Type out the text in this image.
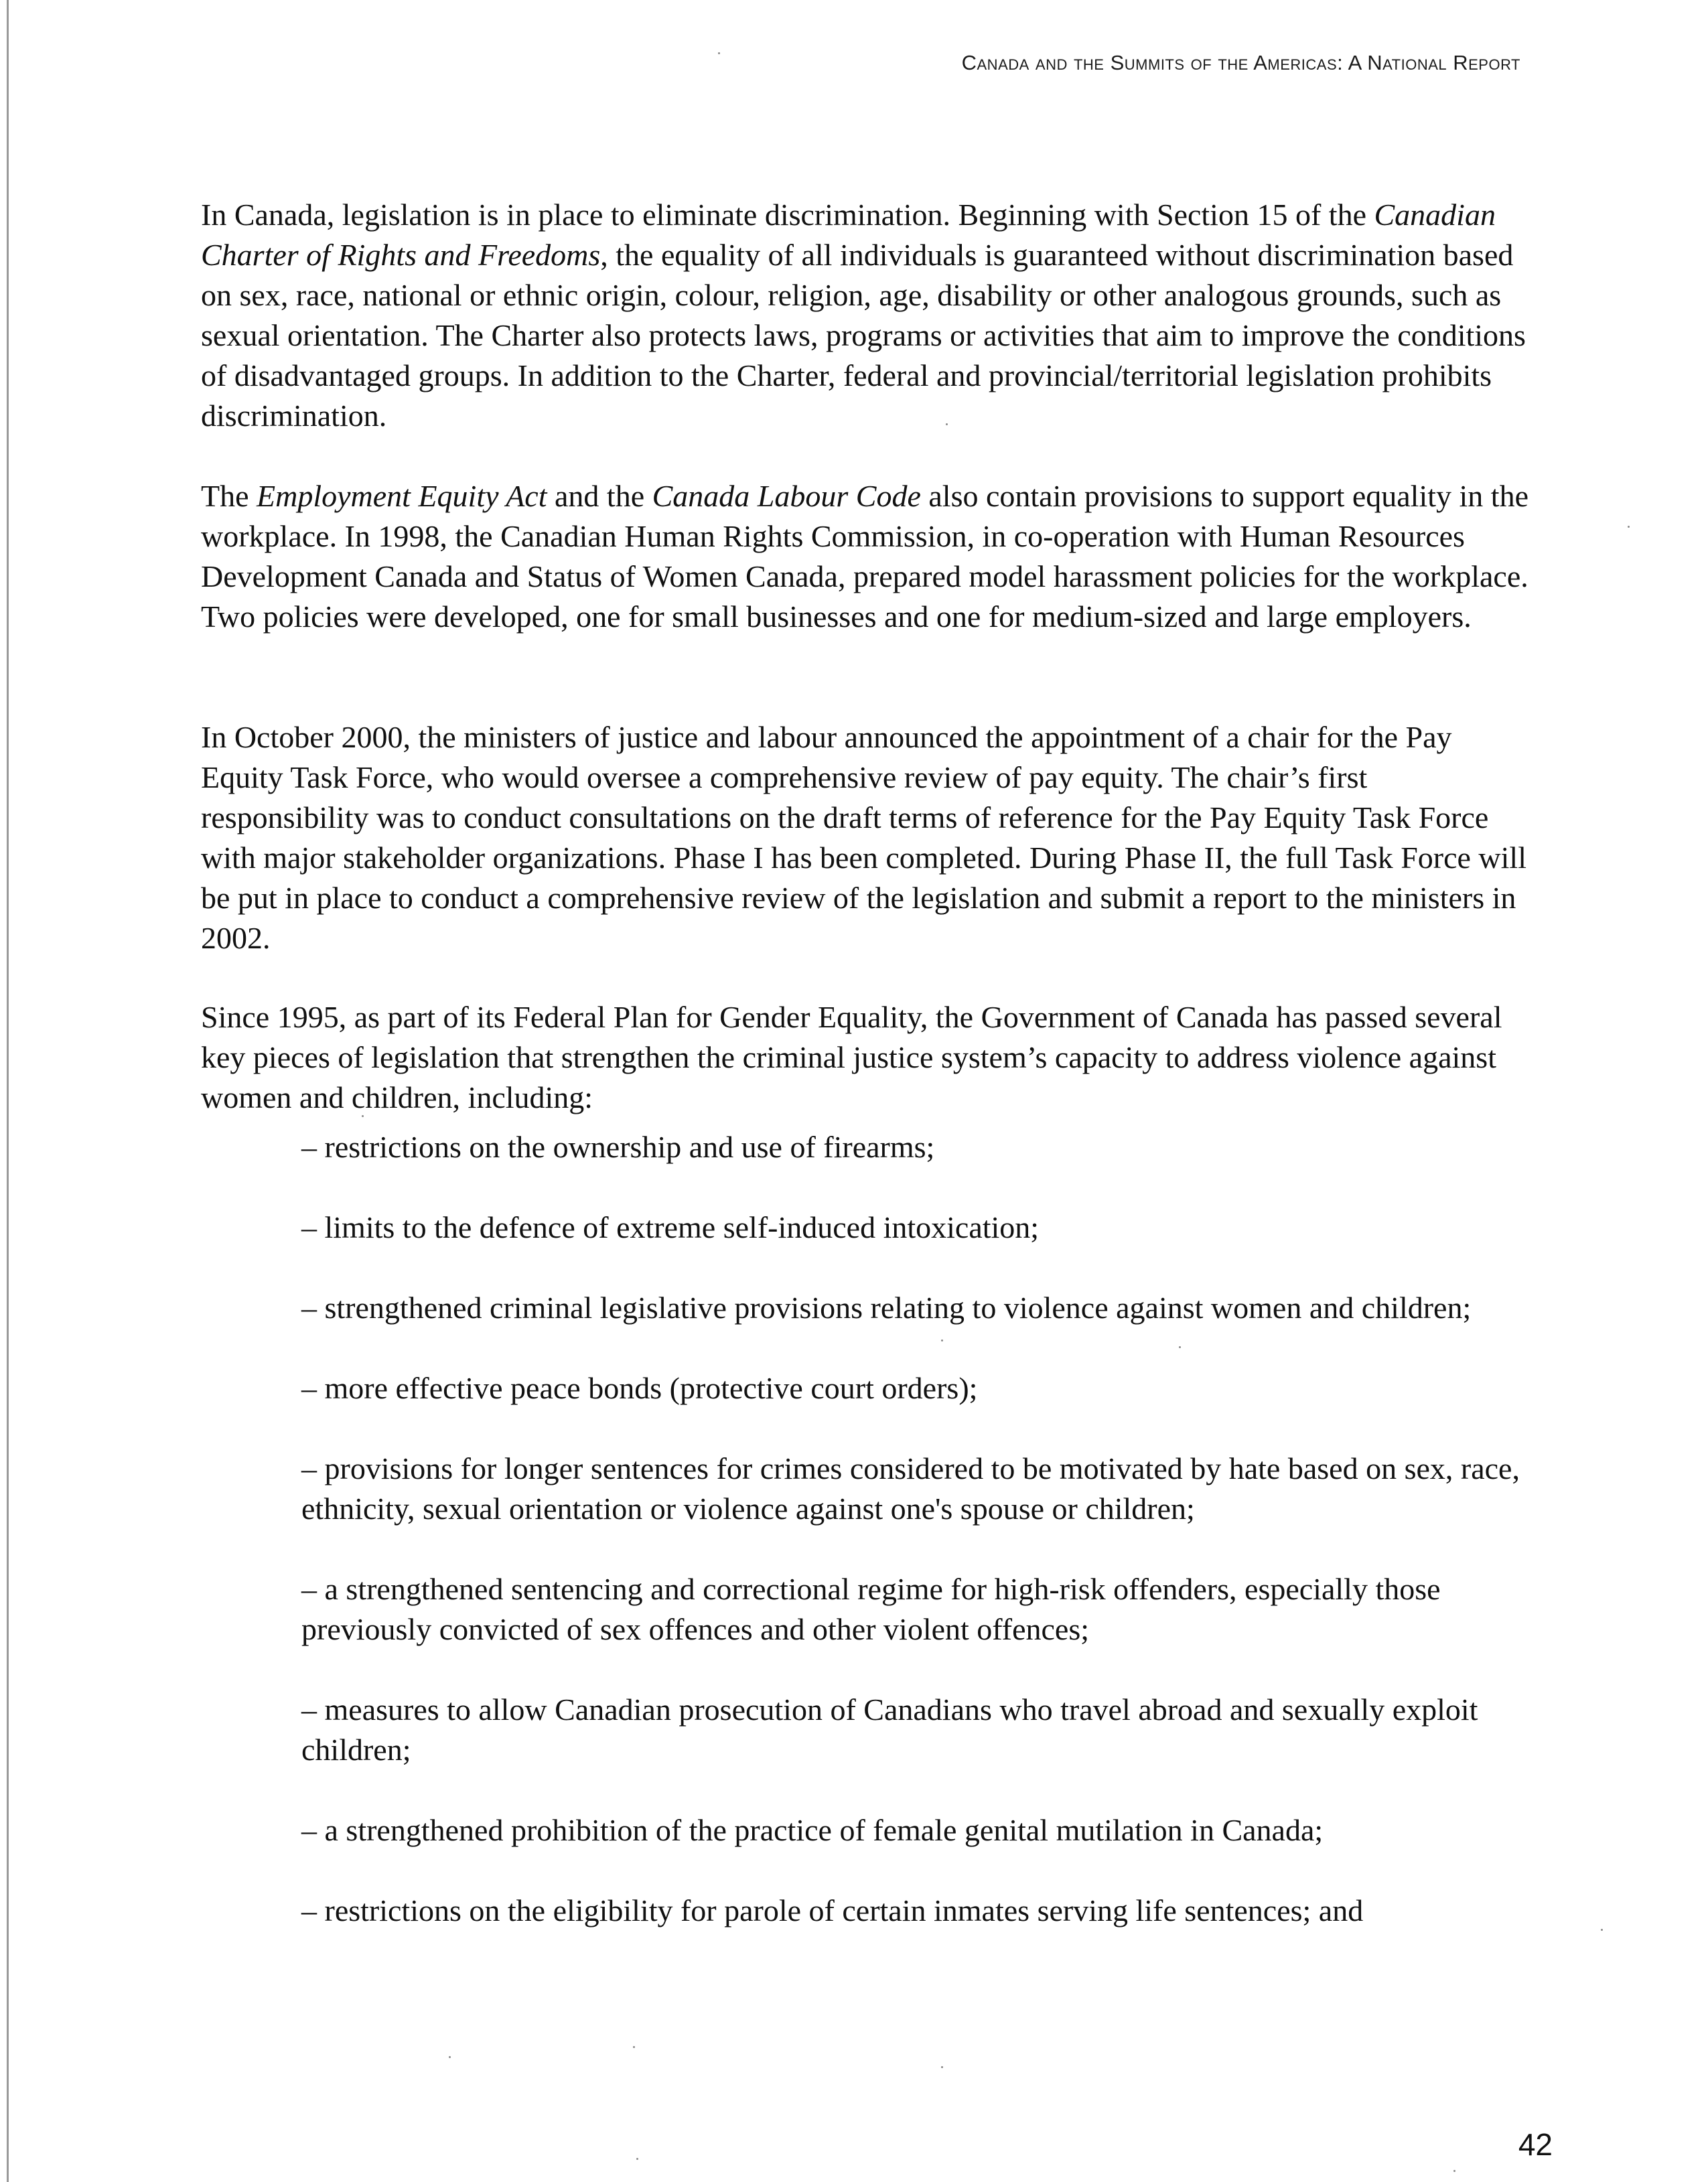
Canada and the Summits of the Americas: A National Report

In Canada, legislation is in place to eliminate discrimination. Beginning with Section 15 of the Canadian Charter of Rights and Freedoms, the equality of all individuals is guaranteed without discrimination based on sex, race, national or ethnic origin, colour, religion, age, disability or other analogous grounds, such as sexual orientation. The Charter also protects laws, programs or activities that aim to improve the conditions of disadvantaged groups. In addition to the Charter, federal and provincial/territorial legislation prohibits discrimination.

The Employment Equity Act and the Canada Labour Code also contain provisions to support equality in the workplace. In 1998, the Canadian Human Rights Commission, in co-operation with Human Resources Development Canada and Status of Women Canada, prepared model harassment policies for the workplace. Two policies were developed, one for small businesses and one for medium-sized and large employers.

In October 2000, the ministers of justice and labour announced the appointment of a chair for the Pay Equity Task Force, who would oversee a comprehensive review of pay equity. The chair’s first responsibility was to conduct consultations on the draft terms of reference for the Pay Equity Task Force with major stakeholder organizations. Phase I has been completed. During Phase II, the full Task Force will be put in place to conduct a comprehensive review of the legislation and submit a report to the ministers in 2002.

Since 1995, as part of its Federal Plan for Gender Equality, the Government of Canada has passed several key pieces of legislation that strengthen the criminal justice system’s capacity to address violence against women and children, including:

– restrictions on the ownership and use of firearms;
– limits to the defence of extreme self-induced intoxication;
– strengthened criminal legislative provisions relating to violence against women and children;
– more effective peace bonds (protective court orders);
– provisions for longer sentences for crimes considered to be motivated by hate based on sex, race, ethnicity, sexual orientation or violence against one's spouse or children;
– a strengthened sentencing and correctional regime for high-risk offenders, especially those previously convicted of sex offences and other violent offences;
– measures to allow Canadian prosecution of Canadians who travel abroad and sexually exploit children;
– a strengthened prohibition of the practice of female genital mutilation in Canada;
– restrictions on the eligibility for parole of certain inmates serving life sentences; and
42
